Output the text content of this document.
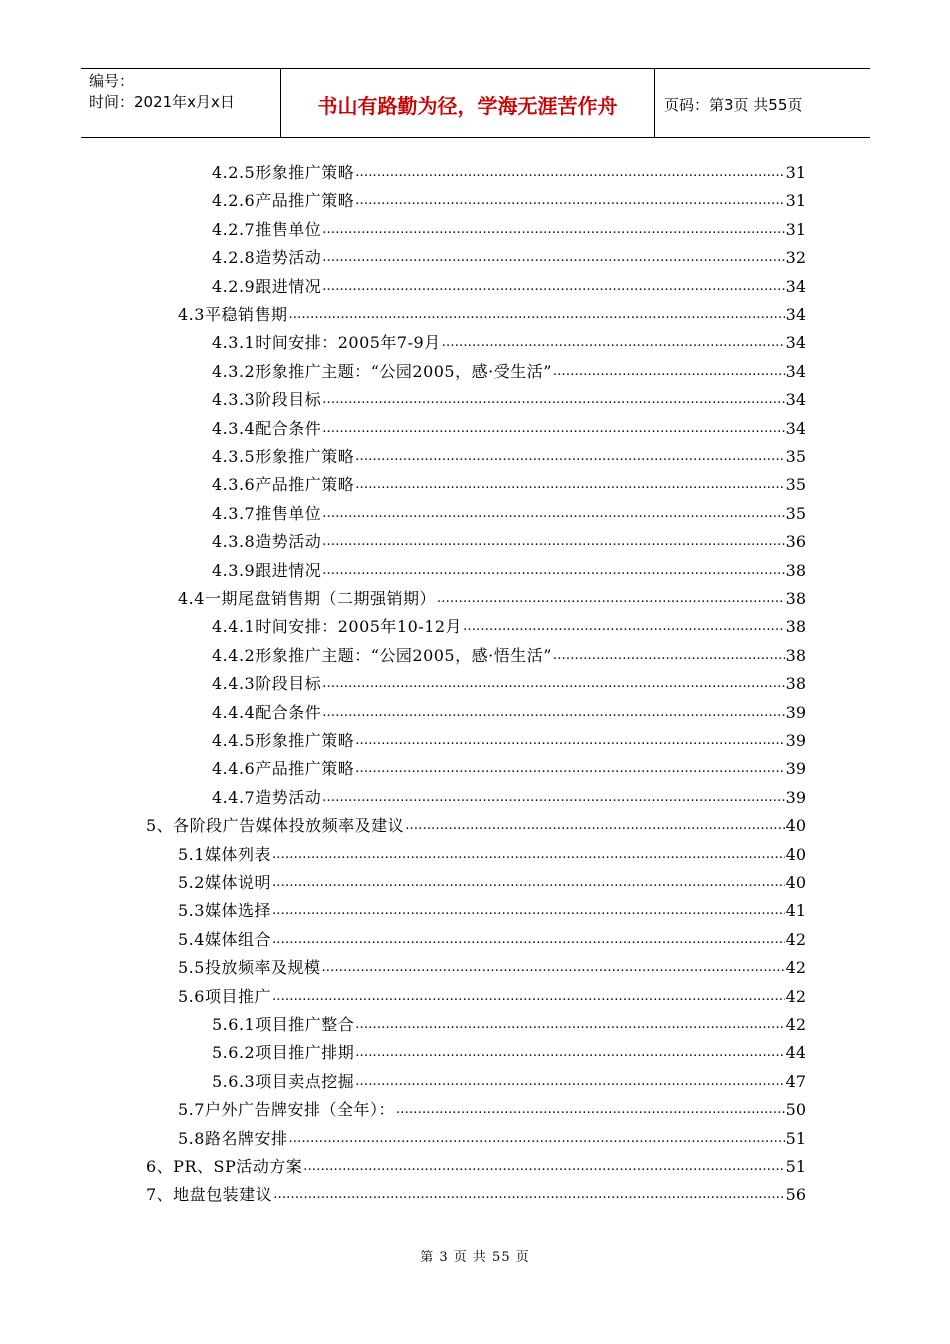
编号：
时间：2021年x月x日	书山有路勤为径，学海无涯苦作舟	页码：第3页 共55页
4.2.5形象推广策略 .....	31
4.2.6产品推广策略 .....	31
4.2.7推售单位 .....	31
4.2.8造势活动 .....	32
4.2.9跟进情况 .....	34
4.3平稳销售期 .....	34
4.3.1时间安排：2005年7-9月 .....	34
4.3.2形象推广主题：“公园2005，感·受生活” .....	34
4.3.3阶段目标 .....	34
4.3.4配合条件 .....	34
4.3.5形象推广策略 .....	35
4.3.6产品推广策略 .....	35
4.3.7推售单位 .....	35
4.3.8造势活动 .....	36
4.3.9跟进情况 .....	38
4.4一期尾盘销售期（二期强销期） .....	38
4.4.1时间安排：2005年10-12月 .....	38
4.4.2形象推广主题：“公园2005，感·悟生活” .....	38
4.4.3阶段目标 .....	38
4.4.4配合条件 .....	39
4.4.5形象推广策略 .....	39
4.4.6产品推广策略 .....	39
4.4.7造势活动 .....	39
5、各阶段广告媒体投放频率及建议 .....	40
5.1媒体列表 .....	40
5.2媒体说明 .....	40
5.3媒体选择 .....	41
5.4媒体组合 .....	42
5.5投放频率及规模 .....	42
5.6项目推广 .....	42
5.6.1项目推广整合 .....	42
5.6.2项目推广排期 .....	44
5.6.3项目卖点挖掘 .....	47
5.7户外广告牌安排（全年）： .....	50
5.8路名牌安排 .....	51
6、PR、SP活动方案 .....	51
7、地盘包装建议 .....	56
第 3 页 共 55 页
